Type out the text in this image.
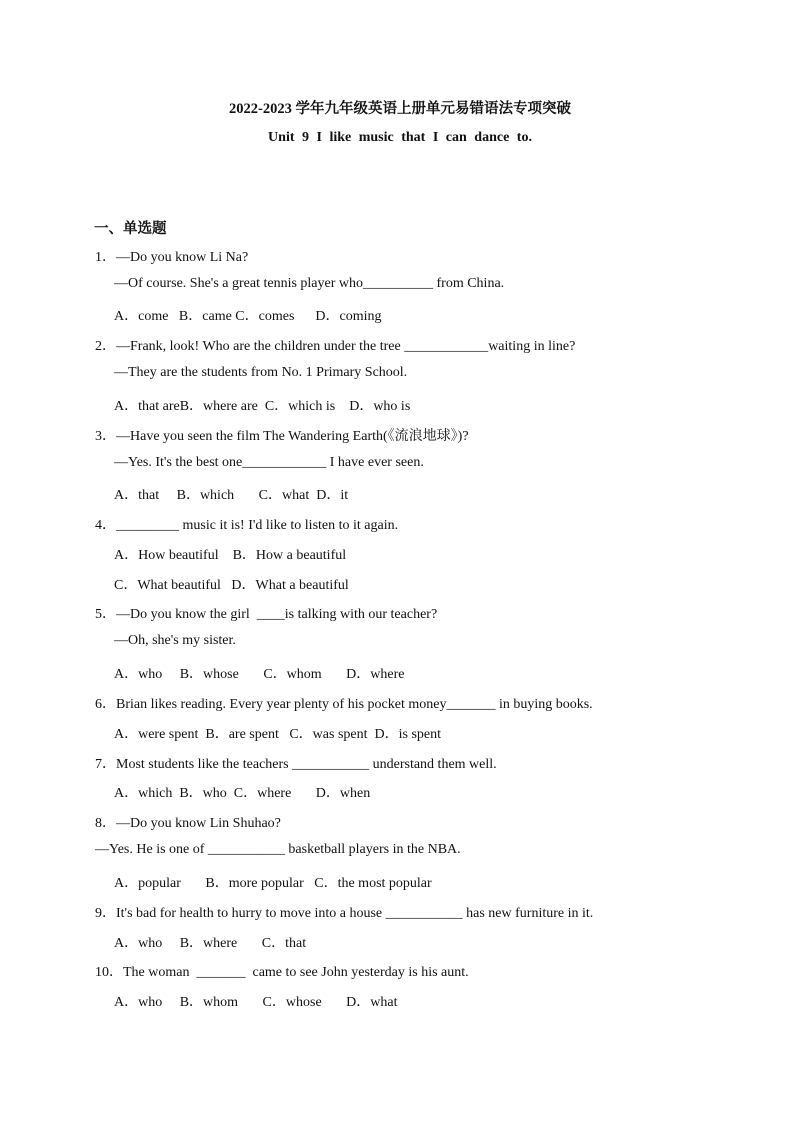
2022-2023 学年九年级英语上册单元易错语法专项突破
Unit 9 I like music that I can dance to.
一、单选题
1．—Do you know Li Na?
—Of course. She's a great tennis player who__________ from China.
A．come   B．came C．comes      D．coming
2．—Frank, look! Who are the children under the tree ____________waiting in line?
—They are the students from No. 1 Primary School.
A．that areB．where are  C．which is    D．who is
3．—Have you seen the film The Wandering Earth(《流浪地球》)?
—Yes. It's the best one____________ I have ever seen.
A．that     B．which       C．what  D．it
4．_________ music it is! I'd like to listen to it again.
A．How beautiful    B．How a beautiful
C．What beautiful   D．What a beautiful
5．—Do you know the girl  ____is talking with our teacher?
—Oh, she's my sister.
A．who     B．whose       C．whom       D．where
6．Brian likes reading. Every year plenty of his pocket money_______ in buying books.
A．were spent  B．are spent   C．was spent  D．is spent
7．Most students like the teachers ___________ understand them well.
A．which  B．who  C．where       D．when
8．—Do you know Lin Shuhao?
—Yes. He is one of ___________ basketball players in the NBA.
A．popular       B．more popular   C．the most popular
9．It's bad for health to hurry to move into a house ___________ has new furniture in it.
A．who     B．where       C．that
10．The woman  _______  came to see John yesterday is his aunt.
A．who     B．whom       C．whose       D．what
